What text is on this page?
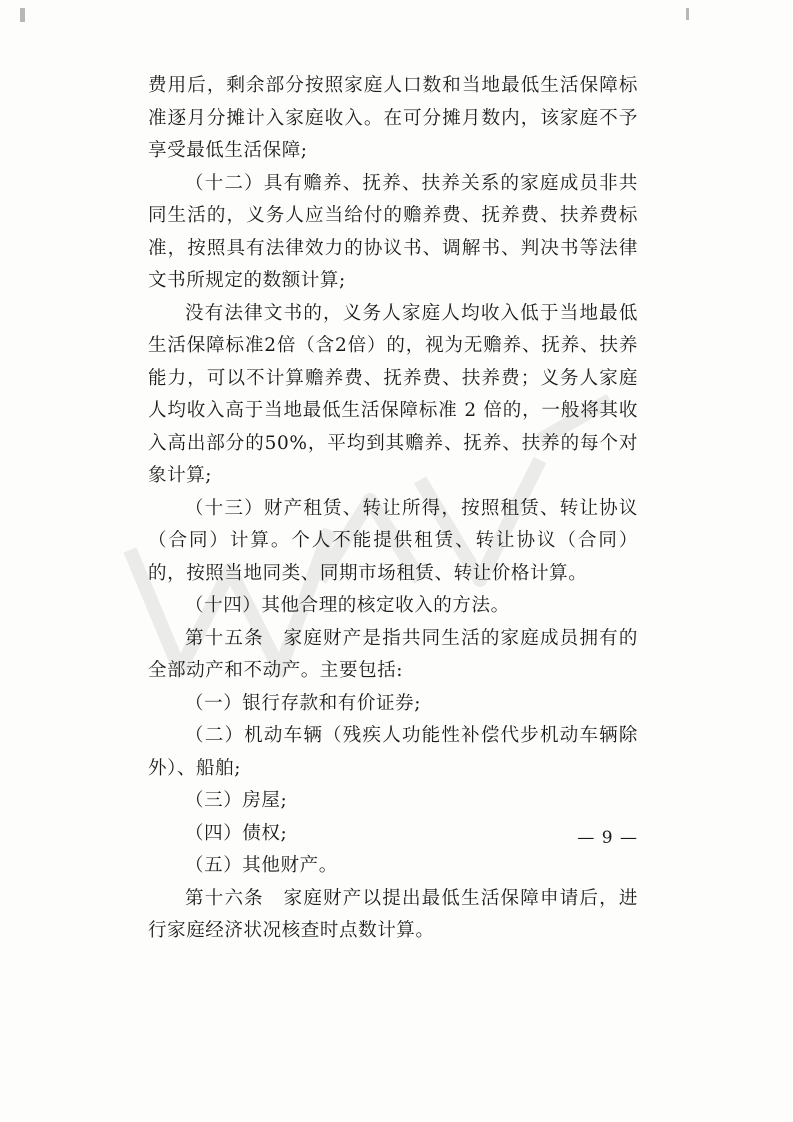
费用后，剩余部分按照家庭人口数和当地最低生活保障标准逐月分摊计入家庭收入。在可分摊月数内，该家庭不予享受最低生活保障;

（十二）具有赡养、抚养、扶养关系的家庭成员非共同生活的，义务人应当给付的赡养费、抚养费、扶养费标准，按照具有法律效力的协议书、调解书、判决书等法律文书所规定的数额计算;

没有法律文书的，义务人家庭人均收入低于当地最低生活保障标准2倍（含2倍）的，视为无赡养、抚养、扶养能力，可以不计算赡养费、抚养费、扶养费；义务人家庭人均收入高于当地最低生活保障标准 2 倍的，一般将其收入高出部分的50%，平均到其赡养、抚养、扶养的每个对象计算;

（十三）财产租赁、转让所得，按照租赁、转让协议（合同）计算。个人不能提供租赁、转让协议（合同）的，按照当地同类、同期市场租赁、转让价格计算。

（十四）其他合理的核定收入的方法。

第十五条　家庭财产是指共同生活的家庭成员拥有的全部动产和不动产。主要包括:

（一）银行存款和有价证券;

（二）机动车辆（残疾人功能性补偿代步机动车辆除外）、船舶;

（三）房屋;

（四）债权;

（五）其他财产。

第十六条　家庭财产以提出最低生活保障申请后，进行家庭经济状况核查时点数计算。

— 9 —
